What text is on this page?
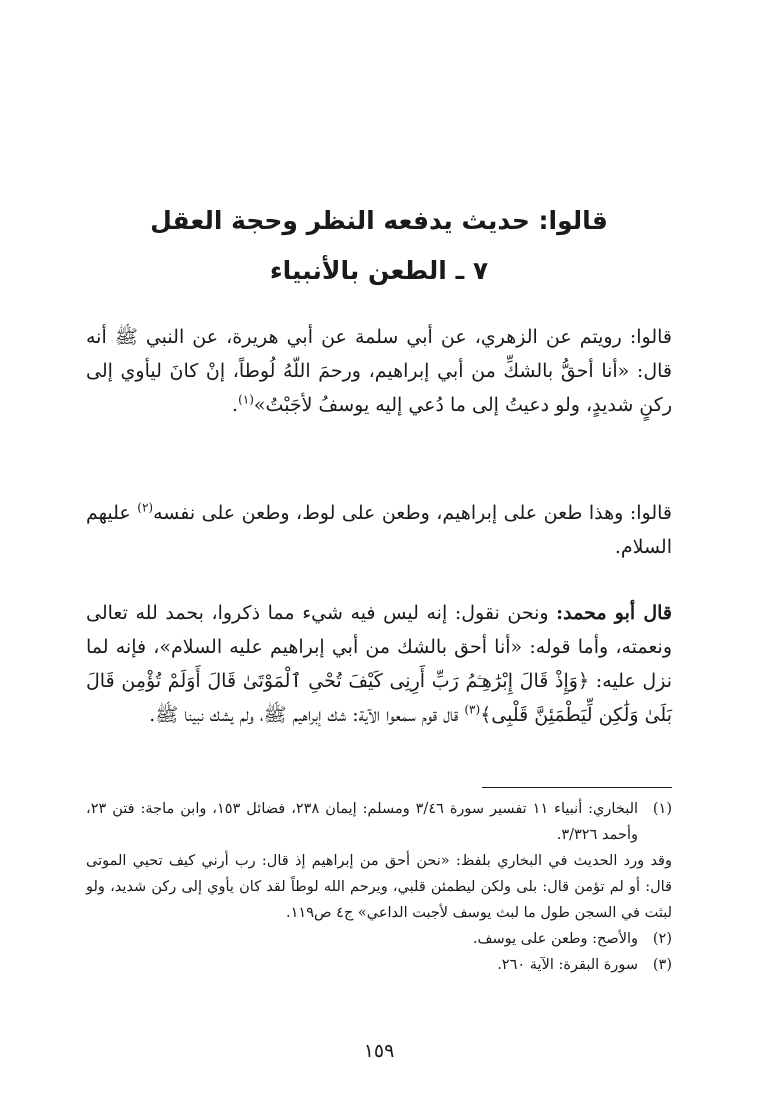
قالوا: حديث يدفعه النظر وحجة العقل
٧ ـ الطعن بالأنبياء

قالوا: رويتم عن الزهري، عن أبي سلمة عن أبي هريرة، عن النبي ﷺ أنه قال: «أنا أحقُّ بالشكِّ من أبي إبراهيم، ورحمَ اللّهُ لُوطاً، إنْ كانَ ليأوي إلى ركنٍ شديدٍ، ولو دعيتُ إلى ما دُعي إليه يوسفُ لأجَبْتُ»$^{(١)}$.

قالوا: وهذا طعن على إبراهيم، وطعن على لوط، وطعن على نفسه$^{(٢)}$ عليهم السلام.

قال أبو محمد: ونحن نقول: إنه ليس فيه شيء مما ذكروا، بحمد لله تعالى ونعمته، وأما قوله: «أنا أحق بالشك من أبي إبراهيم عليه السلام»، فإنه لما نزل عليه: ﴿وَإِذْ قَالَ إِبْرَٰهِـۧمُ رَبِّ أَرِنِى كَيْفَ تُحْىِ ٱلْمَوْتَىٰ قَالَ أَوَلَمْ تُؤْمِن قَالَ بَلَىٰ وَلَٰكِن لِّيَطْمَئِنَّ قَلْبِى﴾$^{(٣)}$ قال قوم سمعوا الآية: شك إبراهيم ﷺ، ولم يشك نبينا ﷺ.

(١)
البخاري: أنبياء ١١ تفسير سورة ٣/٤٦ ومسلم: إيمان ٢٣٨، فضائل ١٥٣، وابن ماجة: فتن ٢٣، وأحمد ٣/٣٢٦.

وقد ورد الحديث في البخاري بلفظ: «نحن أحق من إبراهيم إذ قال: رب أرني كيف تحيي الموتى قال: أو لم تؤمن قال: بلى ولكن ليطمئن قلبي، ويرحم الله لوطاً لقد كان يأوي إلى ركن شديد، ولو لبثت في السجن طول ما لبث يوسف لأجبت الداعي» ج٤ ص١١٩.

(٢)
والأصح: وطعن على يوسف.
(٣)
سورة البقرة: الآية ٢٦٠.
١٥٩
